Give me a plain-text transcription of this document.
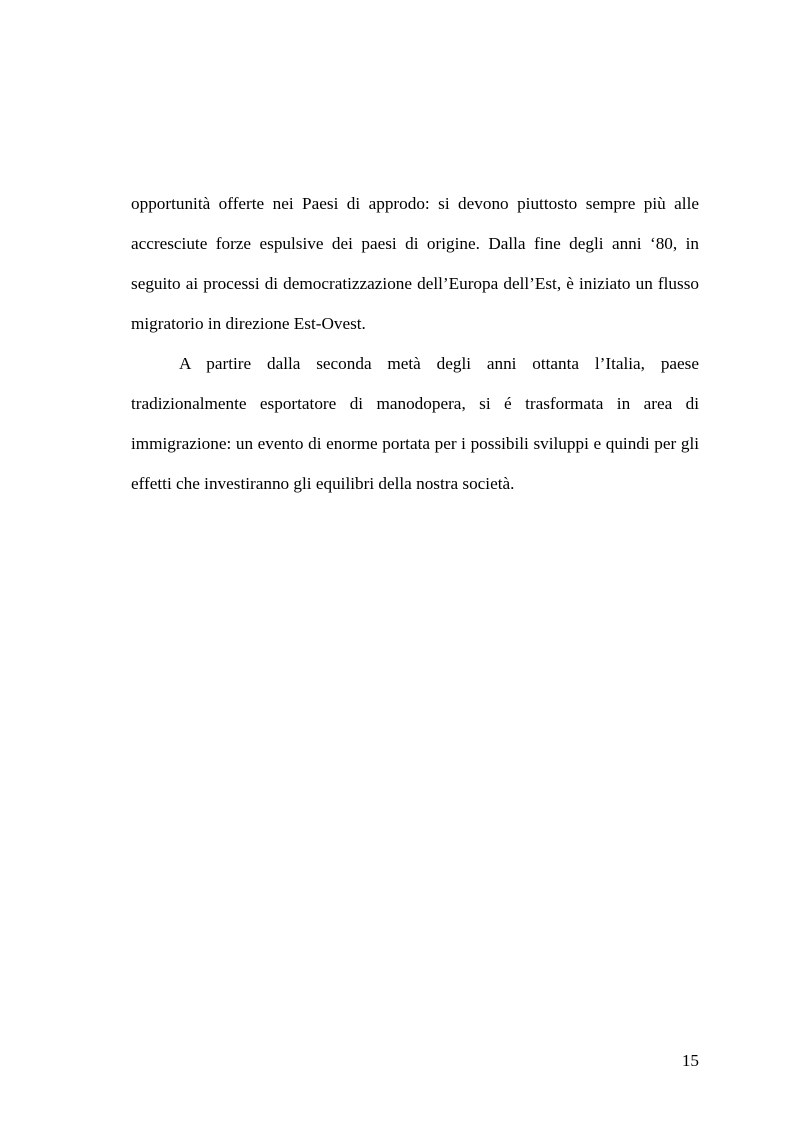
opportunità offerte nei Paesi di approdo: si devono piuttosto sempre più alle accresciute forze espulsive dei paesi di origine. Dalla fine degli anni ‘80, in seguito ai processi di democratizzazione dell’Europa dell’Est, è iniziato un flusso migratorio in direzione Est-Ovest.

A partire dalla seconda metà degli anni ottanta l’Italia, paese tradizionalmente esportatore di manodopera, si é trasformata in area di immigrazione: un evento di enorme portata per i possibili sviluppi e quindi per gli effetti che investiranno gli equilibri della nostra società.

15
